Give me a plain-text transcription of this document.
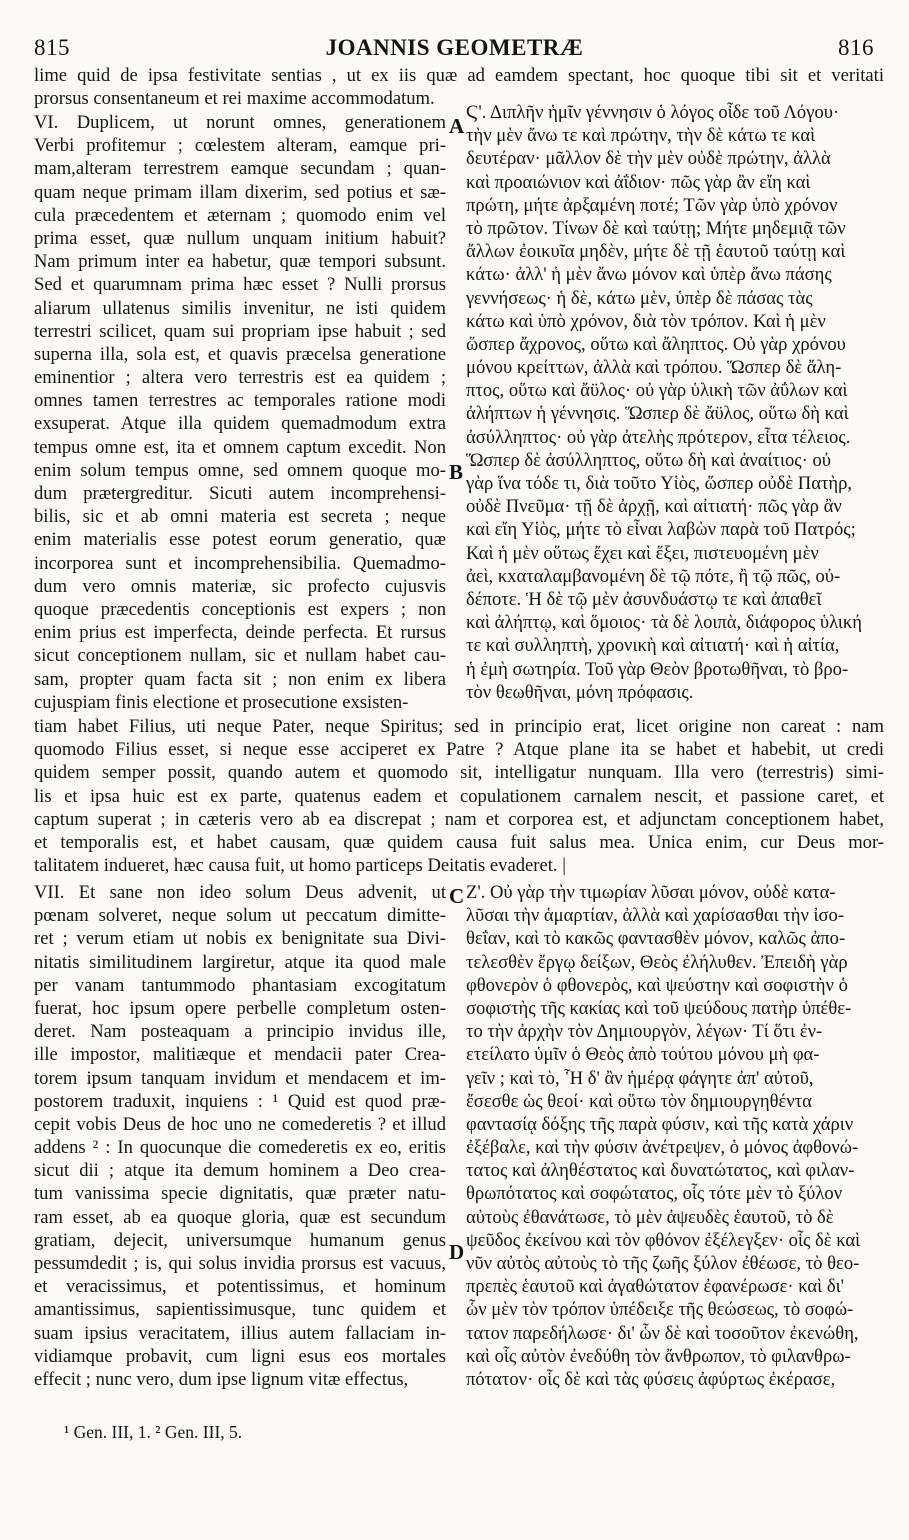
815	JOANNIS GEOMETRÆ	816
lime quid de ipsa festivitate sentias , ut ex iis quæ ad eamdem spectant, hoc quoque tibi sit et veritati
prorsus consentaneum et rei maxime accommodatum.
VI. Duplicem, ut norunt omnes, generationem
Verbi profitemur ; cœlestem alteram, eamque pri-
mam,alteram terrestrem eamque secundam ; quan-
quam neque primam illam dixerim, sed potius et sæ-
cula præcedentem et æternam ; quomodo enim vel
prima esset, quæ nullum unquam initium habuit?
Nam primum inter ea habetur, quæ tempori subsunt.
Sed et quarumnam prima hæc esset ? Nulli prorsus
aliarum ullatenus similis invenitur, ne isti quidem
terrestri scilicet, quam sui propriam ipse habuit ; sed
superna illa, sola est, et quavis præcelsa generatione
eminentior ; altera vero terrestris est ea quidem ;
omnes tamen terrestres ac temporales ratione modi
exsuperat. Atque illa quidem quemadmodum extra
tempus omne est, ita et omnem captum excedit. Non
enim solum tempus omne, sed omnem quoque mo-
dum prætergreditur. Sicuti autem incomprehensi-
bilis, sic et ab omni materia est secreta ; neque
enim materialis esse potest eorum generatio, quæ
incorporea sunt et incomprehensibilia. Quemadmo-
dum vero omnis materiæ, sic profecto cujusvis
quoque præcedentis conceptionis est expers ; non
enim prius est imperfecta, deinde perfecta. Et rursus
sicut conceptionem nullam, sic et nullam habet cau-
sam, propter quam facta sit ; non enim ex libera
cujuspiam finis electione et prosecutione exsisten-
Ϛ'. Διπλῆν ἡμῖν γέννησιν ὁ λόγος οἶδε τοῦ Λόγου·
τὴν μὲν ἄνω τε καὶ πρώτην, τὴν δὲ κάτω τε καὶ
δευτέραν· μᾶλλον δὲ τὴν μὲν οὐδὲ πρώτην, ἀλλὰ
καὶ προαιώνιον καὶ ἀΐδιον· πῶς γὰρ ἂν εἴη καὶ
πρώτη, μήτε ἀρξαμένη ποτέ; Τῶν γὰρ ὑπὸ χρόνον
τὸ πρῶτον. Τίνων δὲ καὶ ταύτῃ; Μήτε μηδεμιᾷ τῶν
ἄλλων ἐοικυῖα μηδὲν, μήτε δὲ τῇ ἑαυτοῦ ταύτῃ καὶ
κάτω· ἀλλ' ἡ μὲν ἄνω μόνον καὶ ὑπὲρ ἄνω πάσης
γεννήσεως· ἡ δὲ, κάτω μὲν, ὑπὲρ δὲ πάσας τὰς
κάτω καὶ ὑπὸ χρόνον, διὰ τὸν τρόπον. Καὶ ἡ μὲν
ὥσπερ ἄχρονος, οὕτω καὶ ἄληπτος. Οὐ γὰρ χρόνου
μόνου κρείττων, ἀλλὰ καὶ τρόπου. Ὥσπερ δὲ ἄλη-
πτος, οὕτω καὶ ἄϋλος· οὐ γὰρ ὑλικὴ τῶν ἀΰλων καὶ
ἀλήπτων ἡ γέννησις. Ὥσπερ δὲ ἄϋλος, οὕτω δὴ καὶ
ἀσύλληπτος· οὐ γὰρ ἀτελὴς πρότερον, εἶτα τέλειος.
Ὥσπερ δὲ ἀσύλληπτος, οὕτω δὴ καὶ ἀναίτιος· οὐ
γὰρ ἵνα τόδε τι, διὰ τοῦτο Υἱὸς, ὥσπερ οὐδὲ Πατὴρ,
οὐδὲ Πνεῦμα· τῇ δὲ ἀρχῇ, καὶ αἰτιατή· πῶς γὰρ ἂν
καὶ εἴη Υἱὸς, μήτε τὸ εἶναι λαβὼν παρὰ τοῦ Πατρός;
Καὶ ἡ μὲν οὕτως ἔχει καὶ ἕξει, πιστευομένη μὲν
ἀεὶ, κxαταλαμβανομένη δὲ τῷ πότε, ἢ τῷ πῶς, οὐ-
δέποτε. Ἡ δὲ τῷ μὲν ἀσυνδυάστῳ τε καὶ ἀπαθεῖ
καὶ ἀλήπτῳ, καὶ ὅμοιος· τὰ δὲ λοιπὰ, διάφορος ὑλική
τε καὶ συλληπτὴ, χρονικὴ καὶ αἰτιατή· καὶ ἡ αἰτία,
ἡ ἐμὴ σωτηρία. Τοῦ γὰρ Θεὸν βροτωθῆναι, τὸ βρο-
τὸν θεωθῆναι, μόνη πρόφασις.
tiam habet Filius, uti neque Pater, neque Spiritus; sed in principio erat, licet origine non careat : nam
quomodo Filius esset, si neque esse acciperet ex Patre ? Atque plane ita se habet et habebit, ut credi
quidem semper possit, quando autem et quomodo sit, intelligatur nunquam. Illa vero (terrestris) simi-
lis et ipsa huic est ex parte, quatenus eadem et copulationem carnalem nescit, et passione caret, et
captum superat ; in cæteris vero ab ea discrepat ; nam et corporea est, et adjunctam conceptionem habet,
et temporalis est, et habet causam, quæ quidem causa fuit salus mea. Unica enim, cur Deus mor-
talitatem indueret, hæc causa fuit, ut homo particeps Deitatis evaderet. |
VII. Et sane non ideo solum Deus advenit, ut
pœnam solveret, neque solum ut peccatum dimitte-
ret ; verum etiam ut nobis ex benignitate sua Divi-
nitatis similitudinem largiretur, atque ita quod male
per vanam tantummodo phantasiam excogitatum
fuerat, hoc ipsum opere perbelle completum osten-
deret. Nam posteaquam a principio invidus ille,
ille impostor, malitiæque et mendacii pater Crea-
torem ipsum tanquam invidum et mendacem et im-
postorem traduxit, inquiens : ¹ Quid est quod præ-
cepit vobis Deus de hoc uno ne comederetis ? et illud
addens ² : In quocunque die comederetis ex eo, eritis
sicut dii ; atque ita demum hominem a Deo crea-
tum vanissima specie dignitatis, quæ præter natu-
ram esset, ab ea quoque gloria, quæ est secundum
gratiam, dejecit, universumque humanum genus
pessumdedit ; is, qui solus invidia prorsus est vacuus,
et veracissimus, et potentissimus, et hominum
amantissimus, sapientissimusque, tunc quidem et
suam ipsius veracitatem, illius autem fallaciam in-
vidiamque probavit, cum ligni esus eos mortales
effecit ; nunc vero, dum ipse lignum vitæ effectus,
Ζ'. Οὐ γὰρ τὴν τιμωρίαν λῦσαι μόνον, οὐδὲ κατα-
λῦσαι τὴν ἁμαρτίαν, ἀλλὰ καὶ χαρίσασθαι τὴν ἰσο-
θεΐαν, καὶ τὸ κακῶς φαντασθὲν μόνον, καλῶς ἀπο-
τελεσθὲν ἔργῳ δείξων, Θεὸς ἐλήλυθεν. Ἐπειδὴ γὰρ
φθονερὸν ὁ φθονερὸς, καὶ ψεύστην καὶ σοφιστὴν ὁ
σοφιστὴς τῆς κακίας καὶ τοῦ ψεύδους πατὴρ ὑπέθε-
το τὴν ἀρχὴν τὸν Δημιουργὸν, λέγων· Τί ὅτι ἐν-
ετείλατο ὑμῖν ὁ Θεὸς ἀπὸ τούτου μόνου μὴ φα-
γεῖν ; καὶ τὸ, Ἧ δ' ἂν ἡμέρᾳ φάγητε ἀπ' αὐτοῦ,
ἔσεσθε ὡς θεοί· καὶ οὕτω τὸν δημιουργηθέντα
φαντασίᾳ δόξης τῆς παρὰ φύσιν, καὶ τῆς κατὰ χάριν
ἐξέβαλε, καὶ τὴν φύσιν ἀνέτρεψεν, ὁ μόνος ἀφθονώ-
τατος καὶ ἀληθέστατος καὶ δυνατώτατος, καὶ φιλαν-
θρωπότατος καὶ σοφώτατος, οἷς τότε μὲν τὸ ξύλον
αὐτοὺς ἐθανάτωσε, τὸ μὲν ἀψευδὲς ἑαυτοῦ, τὸ δὲ
ψεῦδος ἐκείνου καὶ τὸν φθόνον ἐξέλεγξεν· οἷς δὲ καὶ
νῦν αὐτὸς αὐτοὺς τὸ τῆς ζωῆς ξύλον ἐθέωσε, τὸ θεο-
πρεπὲς ἑαυτοῦ καὶ ἀγαθώτατον ἐφανέρωσε· καὶ δι'
ὧν μὲν τὸν τρόπον ὑπέδειξε τῆς θεώσεως, τὸ σοφώ-
τατον παρεδήλωσε· δι' ὧν δὲ καὶ τοσοῦτον ἐκενώθη,
καὶ οἷς αὐτὸν ἐνεδύθη τὸν ἄνθρωπον, τὸ φιλανθρω-
πότατον· οἷς δὲ καὶ τὰς φύσεις ἀφύρτως ἐκέρασε,
A
B
C
D
¹ Gen. III, 1. ² Gen. III, 5.
